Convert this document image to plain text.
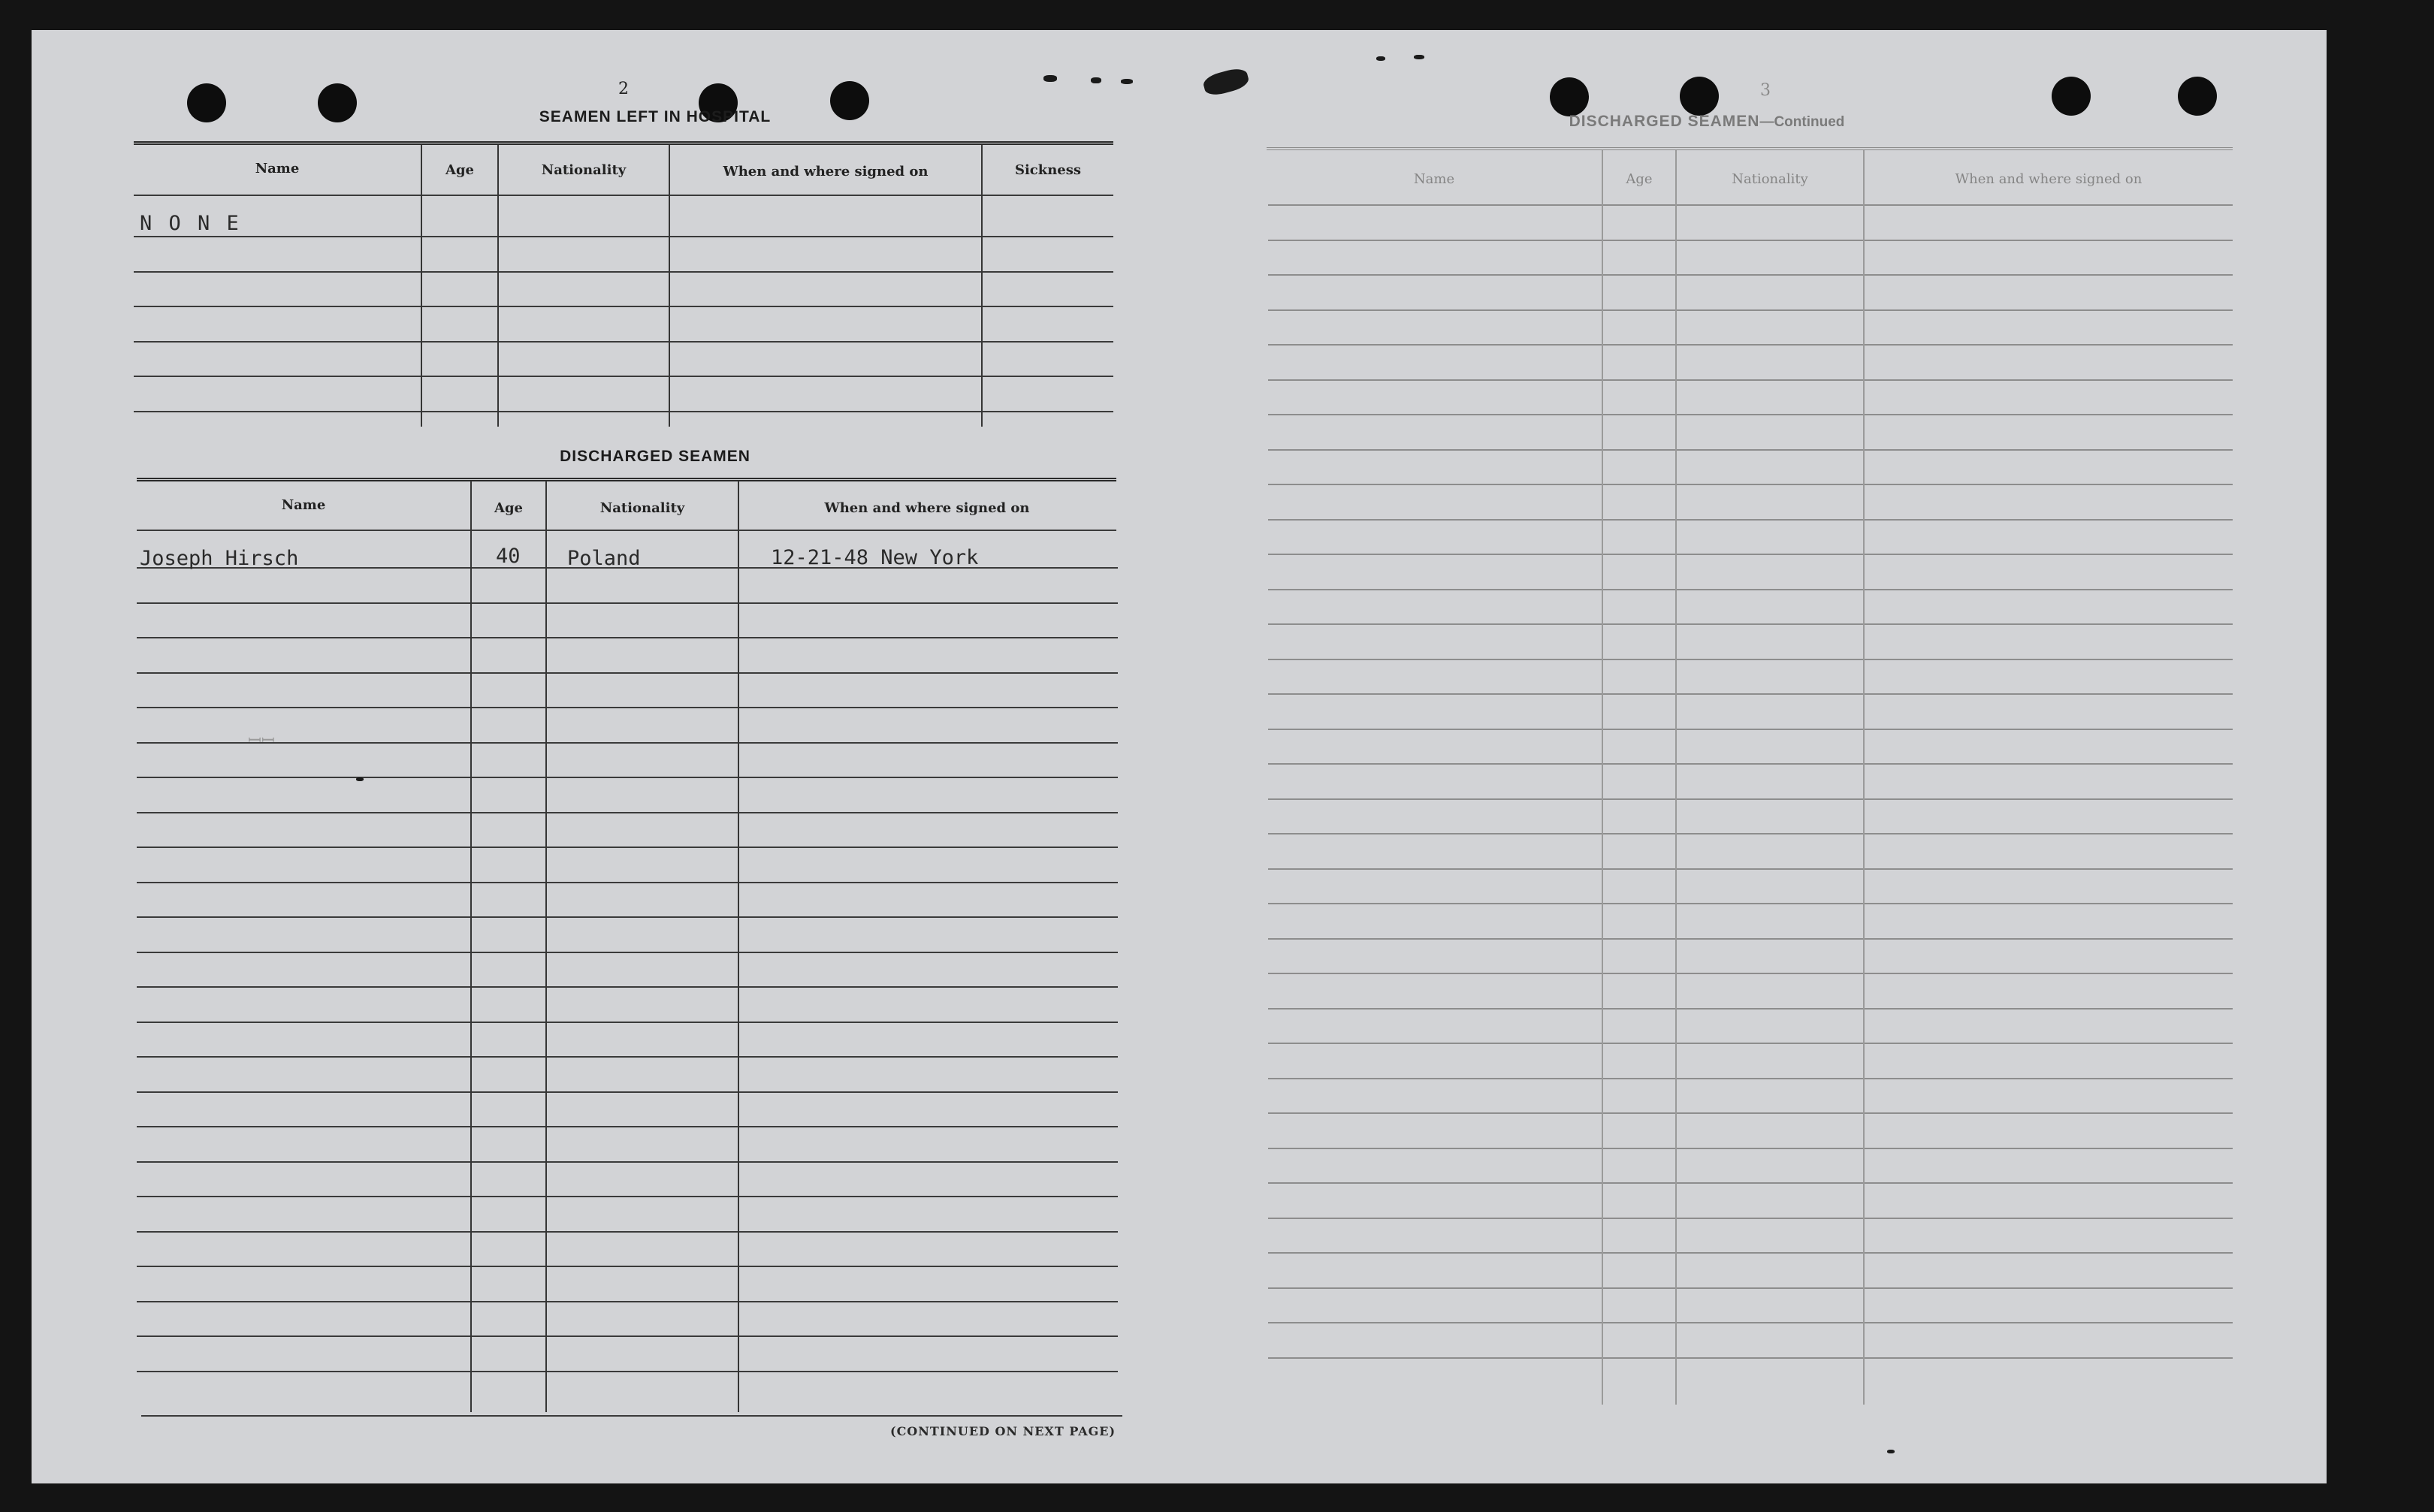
2
SEAMEN LEFT IN HOSPITAL
Name	Age	Nationality	When and where signed on	Sickness
N O N E
DISCHARGED SEAMEN
Name	Age	Nationality	When and where signed on
Joseph Hirsch	40 Poland	12-21-48 New York
ꟷꟷ
(CONTINUED ON NEXT PAGE)
3
DISCHARGED SEAMEN—Continued
Name	Age	Nationality	When and where signed on
